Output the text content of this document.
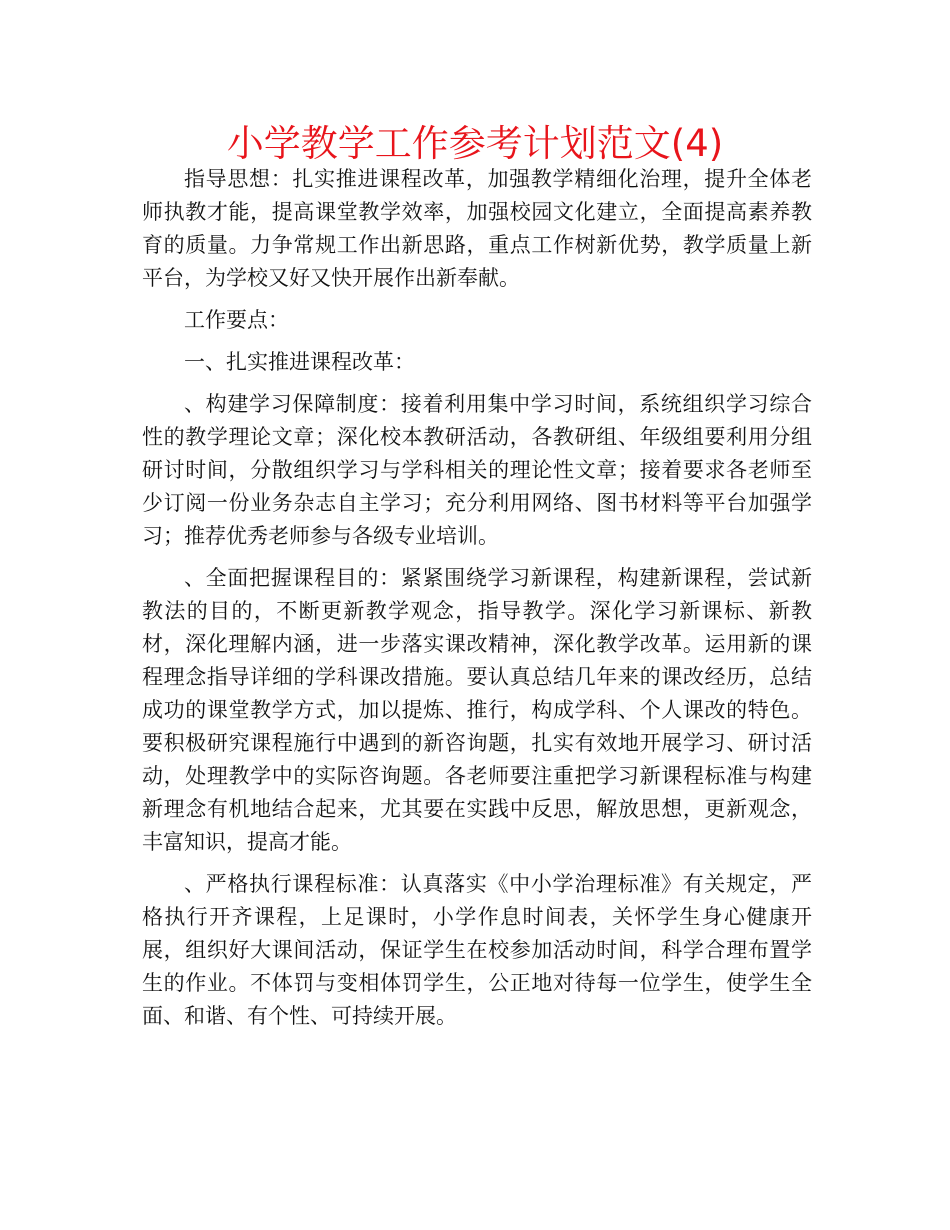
小学教学工作参考计划范文(4)

指导思想：扎实推进课程改革，加强教学精细化治理，提升全体老师执教才能，提高课堂教学效率，加强校园文化建立，全面提高素养教育的质量。力争常规工作出新思路，重点工作树新优势，教学质量上新平台，为学校又好又快开展作出新奉献。

工作要点：

一、扎实推进课程改革：

、构建学习保障制度：接着利用集中学习时间，系统组织学习综合性的教学理论文章；深化校本教研活动，各教研组、年级组要利用分组研讨时间，分散组织学习与学科相关的理论性文章；接着要求各老师至少订阅一份业务杂志自主学习；充分利用网络、图书材料等平台加强学习；推荐优秀老师参与各级专业培训。

、全面把握课程目的：紧紧围绕学习新课程，构建新课程，尝试新教法的目的，不断更新教学观念，指导教学。深化学习新课标、新教材，深化理解内涵，进一步落实课改精神，深化教学改革。运用新的课程理念指导详细的学科课改措施。要认真总结几年来的课改经历，总结成功的课堂教学方式，加以提炼、推行，构成学科、个人课改的特色。要积极研究课程施行中遇到的新咨询题，扎实有效地开展学习、研讨活动，处理教学中的实际咨询题。各老师要注重把学习新课程标准与构建新理念有机地结合起来，尤其要在实践中反思，解放思想，更新观念，丰富知识，提高才能。

、严格执行课程标准：认真落实《中小学治理标准》有关规定，严格执行开齐课程，上足课时，小学作息时间表，关怀学生身心健康开展，组织好大课间活动，保证学生在校参加活动时间，科学合理布置学生的作业。不体罚与变相体罚学生，公正地对待每一位学生，使学生全面、和谐、有个性、可持续开展。
